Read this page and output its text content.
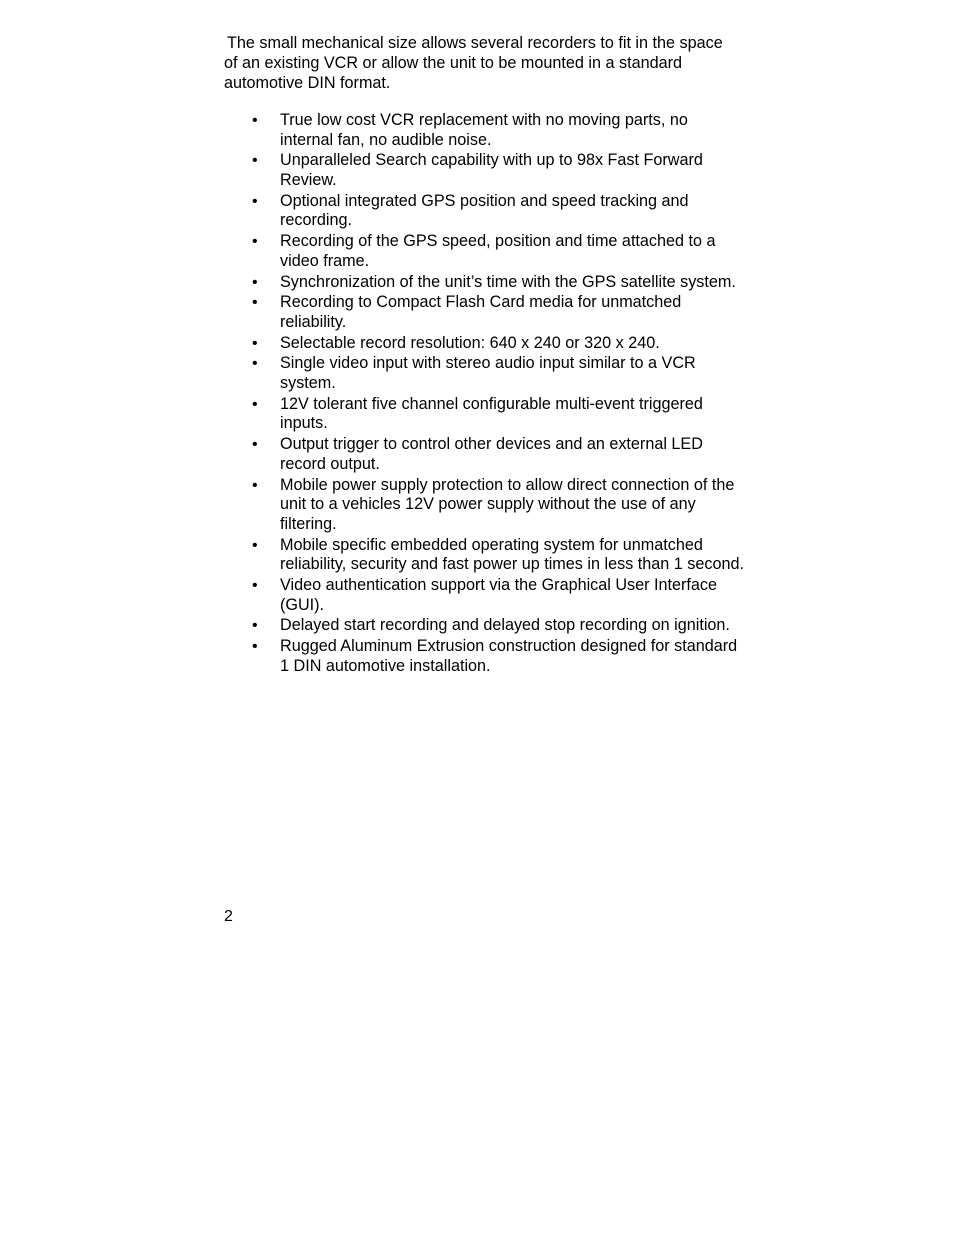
The small mechanical size allows several recorders to fit in the space of an existing VCR or allow the unit to be mounted in a standard automotive DIN format.

• True low cost VCR replacement with no moving parts, no internal fan, no audible noise.
• Unparalleled Search capability with up to 98x Fast Forward Review.
• Optional integrated GPS position and speed tracking and recording.
• Recording of the GPS speed, position and time attached to a video frame.
• Synchronization of the unit’s time with the GPS satellite system.
• Recording to Compact Flash Card media for unmatched reliability.
• Selectable record resolution: 640 x 240 or 320 x 240.
• Single video input with stereo audio input similar to a VCR system.
• 12V tolerant five channel configurable multi-event triggered inputs.
• Output trigger to control other devices and an external LED record output.
• Mobile power supply protection to allow direct connection of the unit to a vehicles 12V power supply without the use of any filtering.
• Mobile specific embedded operating system for unmatched reliability, security and fast power up times in less than 1 second.
• Video authentication support via the Graphical User Interface (GUI).
• Delayed start recording and delayed stop recording on ignition.
• Rugged Aluminum Extrusion construction designed for standard 1 DIN automotive installation.
2
